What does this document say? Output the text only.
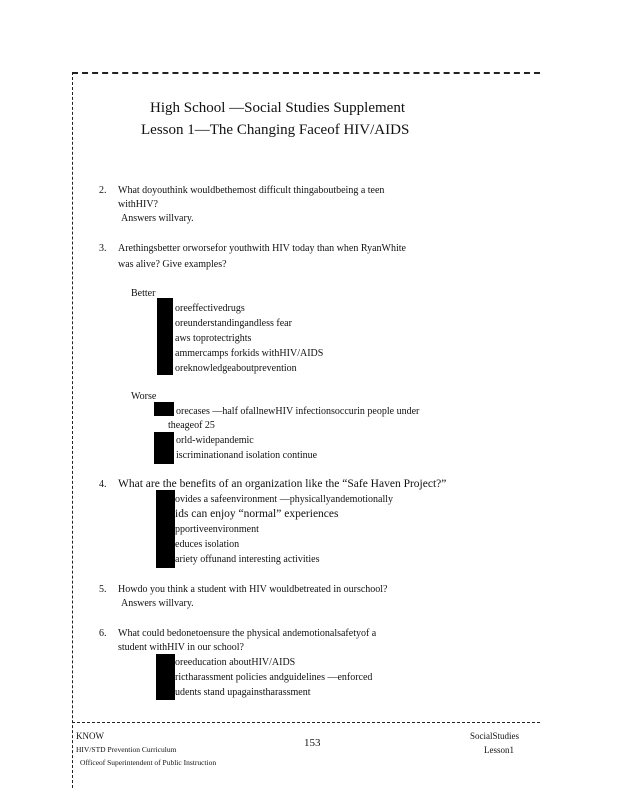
High School —Social Studies Supplement
Lesson 1—The Changing Faceof HIV/AIDS
2. What doyouthink wouldbethemost difficult thingaboutbeing a teen
withHIV?
Answers willvary.
3. Arethingsbetter orworsefor youthwith HIV today than when RyanWhite
was alive? Give examples?
Better
oreeffectivedrugs
oreunderstandingandless fear
aws toprotectrights
ammercamps forkids withHIV/AIDS
oreknowledgeaboutprevention
Worse
orecases —half ofallnewHIV infectionsoccurin people under
theageof 25
orld-widepandemic
iscriminationand isolation continue
4. What are the benefits of an organization like the “Safe Haven Project?”
ovides a safeenvironment —physicallyandemotionally
ids can enjoy “normal” experiences
pportiveenvironment
educes isolation
ariety offunand interesting activities
5. Howdo you think a student with HIV wouldbetreated in ourschool?
Answers willvary.
6. What could bedonetoensure the physical andemotionalsafetyof a
student withHIV in our school?
oreeducation aboutHIV/AIDS
rictharassment policies andguidelines —enforced
udents stand upagainstharassment
KNOW
HIV/STD Prevention Curriculum
Officeof Superintendent of Public Instruction
153
SocialStudies
Lesson1
